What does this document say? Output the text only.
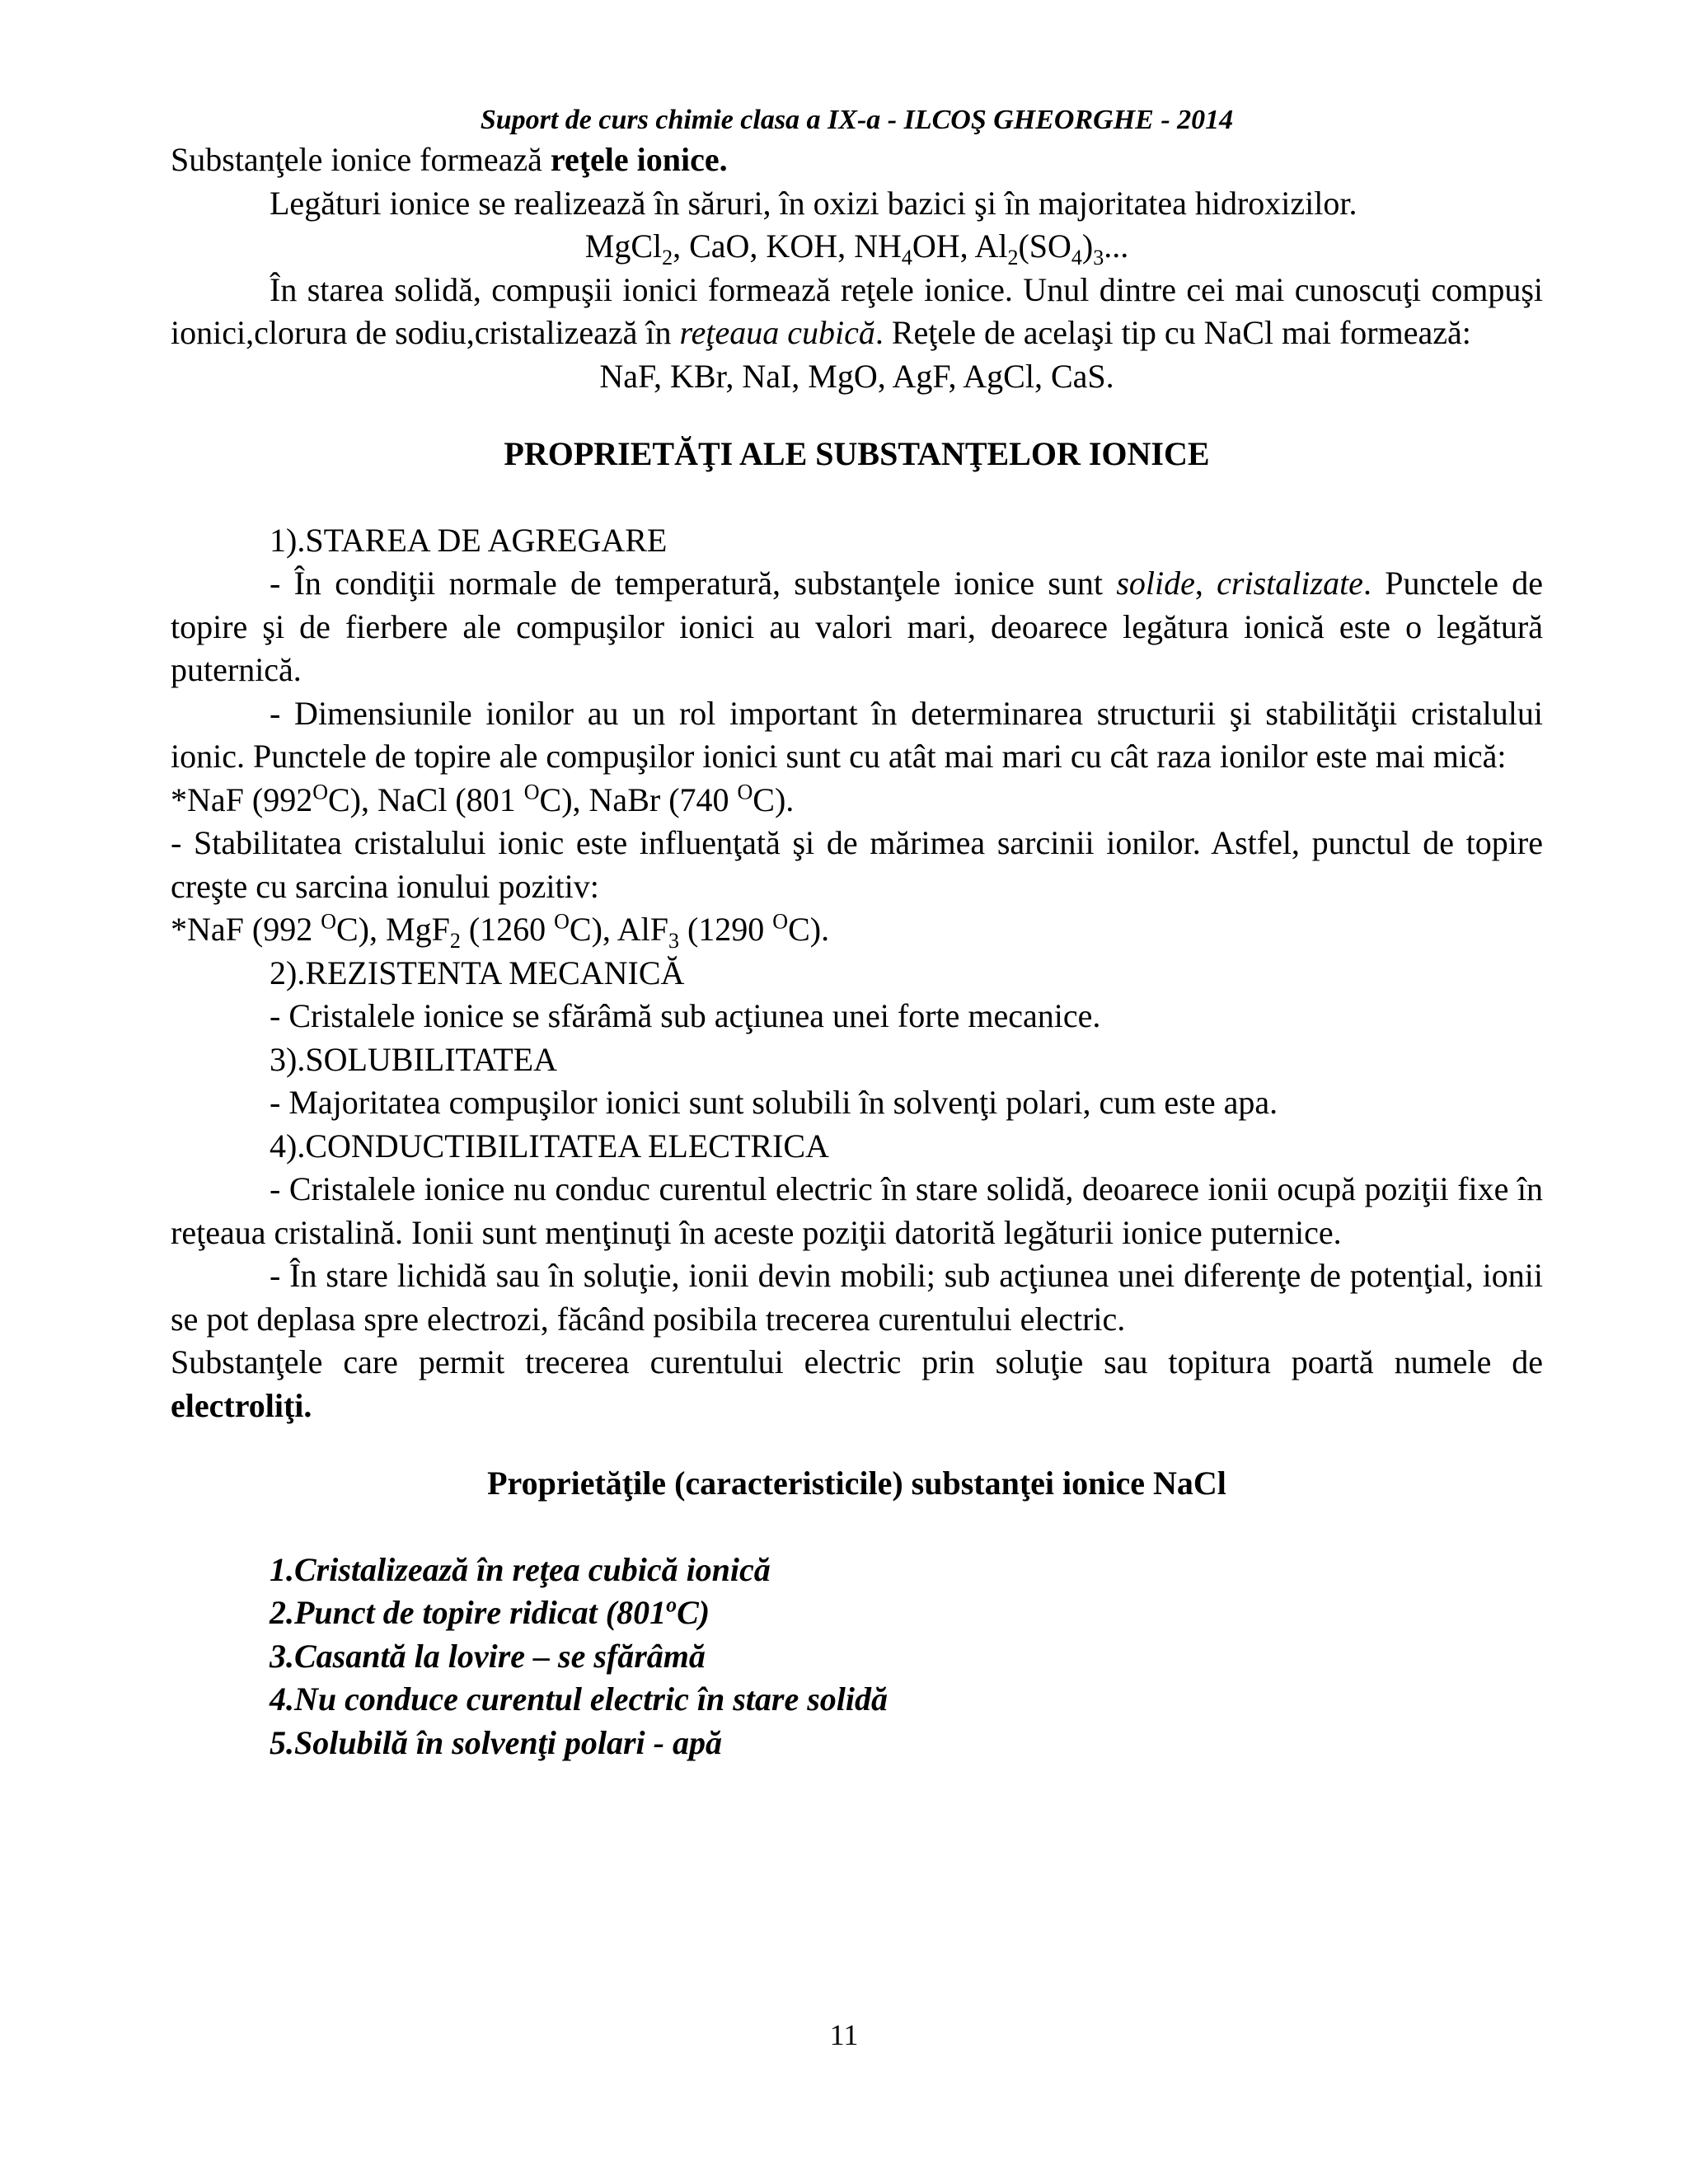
Suport de curs chimie clasa a IX-a - ILCOŞ GHEORGHE - 2014

Substanţele ionice formează reţele ionice.

Legături ionice se realizează în săruri, în oxizi bazici şi în majoritatea hidroxizilor.

MgCl$_2$, CaO, KOH, $NH_4OH$, $Al_2(SO_4)_3$...

În starea solidă, compuşii ionici formează reţele ionice. Unul dintre cei mai cunoscuţi compuşi ionici,clorura de sodiu,cristalizează în reţeaua cubică. Reţele de acelaşi tip cu NaCl mai formează:

NaF, KBr, NaI, MgO, AgF, AgCl, CaS.

PROPRIETĂŢI ALE SUBSTANŢELOR IONICE

1).STAREA DE AGREGARE

- În condiţii normale de temperatură, substanţele ionice sunt solide, cristalizate. Punctele de topire şi de fierbere ale compuşilor ionici au valori mari, deoarece legătura ionică este o legătură puternică.

- Dimensiunile ionilor au un rol important în determinarea structurii şi stabilităţii cristalului ionic. Punctele de topire ale compuşilor ionici sunt cu atât mai mari cu cât raza ionilor este mai mică:

*NaF $(992^OC)$, NaCl (801 $^O$C), NaBr (740 $^O$C).

- Stabilitatea cristalului ionic este influenţată şi de mărimea sarcinii ionilor. Astfel, punctul de topire creşte cu sarcina ionului pozitiv:

*NaF (992 $^O$C), MgF$_2$ (1260 $^O$C), AlF$_3$ (1290 $^O$C).

2).REZISTENTA MECANICĂ

- Cristalele ionice se sfărâmă sub acţiunea unei forte mecanice.

3).SOLUBILITATEA

- Majoritatea compuşilor ionici sunt solubili în solvenţi polari, cum este apa.

4).CONDUCTIBILITATEA ELECTRICA

- Cristalele ionice nu conduc curentul electric în stare solidă, deoarece ionii ocupă poziţii fixe în reţeaua cristalină. Ionii sunt menţinuţi în aceste poziţii datorită legăturii ionice puternice.

- În stare lichidă sau în soluţie, ionii devin mobili; sub acţiunea unei diferenţe de potenţial, ionii se pot deplasa spre electrozi, făcând posibila trecerea curentului electric.

Substanţele care permit trecerea curentului electric prin soluţie sau topitura poartă numele de electroliţi.

Proprietăţile (caracteristicile) substanţei ionice NaCl
1.Cristalizează în reţea cubică ionică
2.Punct de topire ridicat (801$^o$C)
3.Casantă la lovire – se sfărâmă
4.Nu conduce curentul electric în stare solidă
5.Solubilă în solvenţi polari - apă
11
